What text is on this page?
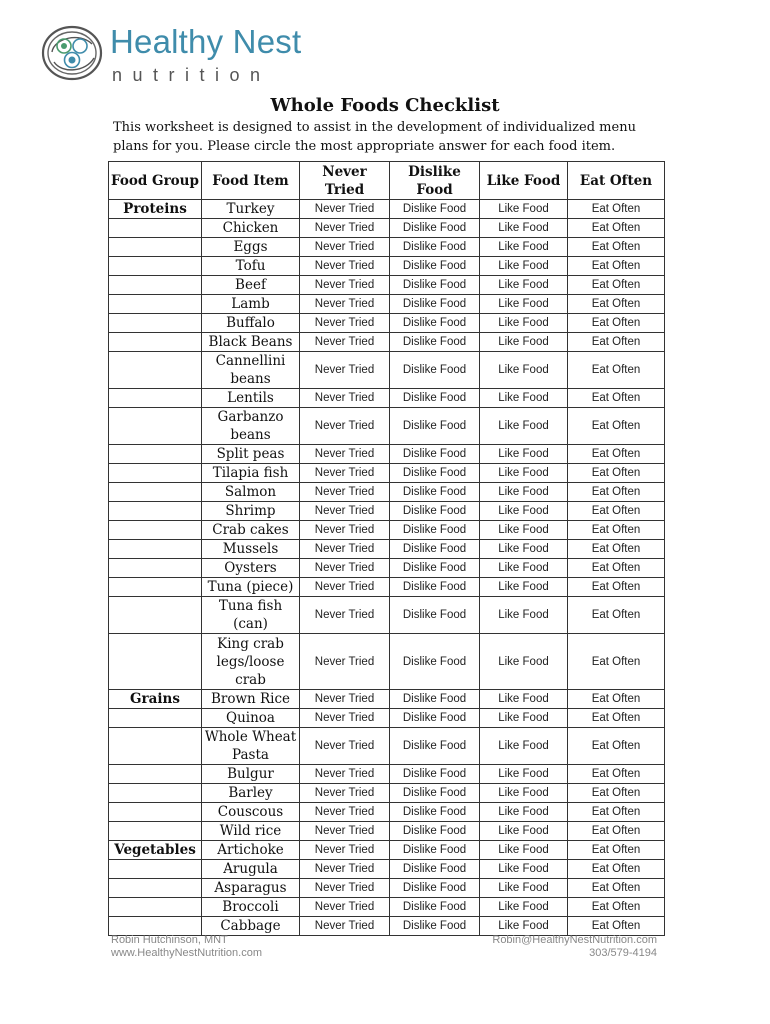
Healthy Nest
nutrition
Whole Foods Checklist
This worksheet is designed to assist in the development of individualized menu plans for you. Please circle the most appropriate answer for each food item.
Food Group	Food Item	Never Tried	Dislike Food	Like Food	Eat Often
Proteins	Turkey	Never Tried	Dislike Food	Like Food	Eat Often
	Chicken	Never Tried	Dislike Food	Like Food	Eat Often
	Eggs	Never Tried	Dislike Food	Like Food	Eat Often
	Tofu	Never Tried	Dislike Food	Like Food	Eat Often
	Beef	Never Tried	Dislike Food	Like Food	Eat Often
	Lamb	Never Tried	Dislike Food	Like Food	Eat Often
	Buffalo	Never Tried	Dislike Food	Like Food	Eat Often
	Black Beans	Never Tried	Dislike Food	Like Food	Eat Often
	Cannellini beans	Never Tried	Dislike Food	Like Food	Eat Often
	Lentils	Never Tried	Dislike Food	Like Food	Eat Often
	Garbanzo beans	Never Tried	Dislike Food	Like Food	Eat Often
	Split peas	Never Tried	Dislike Food	Like Food	Eat Often
	Tilapia fish	Never Tried	Dislike Food	Like Food	Eat Often
	Salmon	Never Tried	Dislike Food	Like Food	Eat Often
	Shrimp	Never Tried	Dislike Food	Like Food	Eat Often
	Crab cakes	Never Tried	Dislike Food	Like Food	Eat Often
	Mussels	Never Tried	Dislike Food	Like Food	Eat Often
	Oysters	Never Tried	Dislike Food	Like Food	Eat Often
	Tuna (piece)	Never Tried	Dislike Food	Like Food	Eat Often
	Tuna fish (can)	Never Tried	Dislike Food	Like Food	Eat Often
	King crab legs/loose crab	Never Tried	Dislike Food	Like Food	Eat Often
Grains	Brown Rice	Never Tried	Dislike Food	Like Food	Eat Often
	Quinoa	Never Tried	Dislike Food	Like Food	Eat Often
	Whole Wheat Pasta	Never Tried	Dislike Food	Like Food	Eat Often
	Bulgur	Never Tried	Dislike Food	Like Food	Eat Often
	Barley	Never Tried	Dislike Food	Like Food	Eat Often
	Couscous	Never Tried	Dislike Food	Like Food	Eat Often
	Wild rice	Never Tried	Dislike Food	Like Food	Eat Often
Vegetables	Artichoke	Never Tried	Dislike Food	Like Food	Eat Often
	Arugula	Never Tried	Dislike Food	Like Food	Eat Often
	Asparagus	Never Tried	Dislike Food	Like Food	Eat Often
	Broccoli	Never Tried	Dislike Food	Like Food	Eat Often
	Cabbage	Never Tried	Dislike Food	Like Food	Eat Often
Robin Hutchinson, MNT
www.HealthyNestNutrition.com
Robin@HealthyNestNutrition.com
303/579-4194
